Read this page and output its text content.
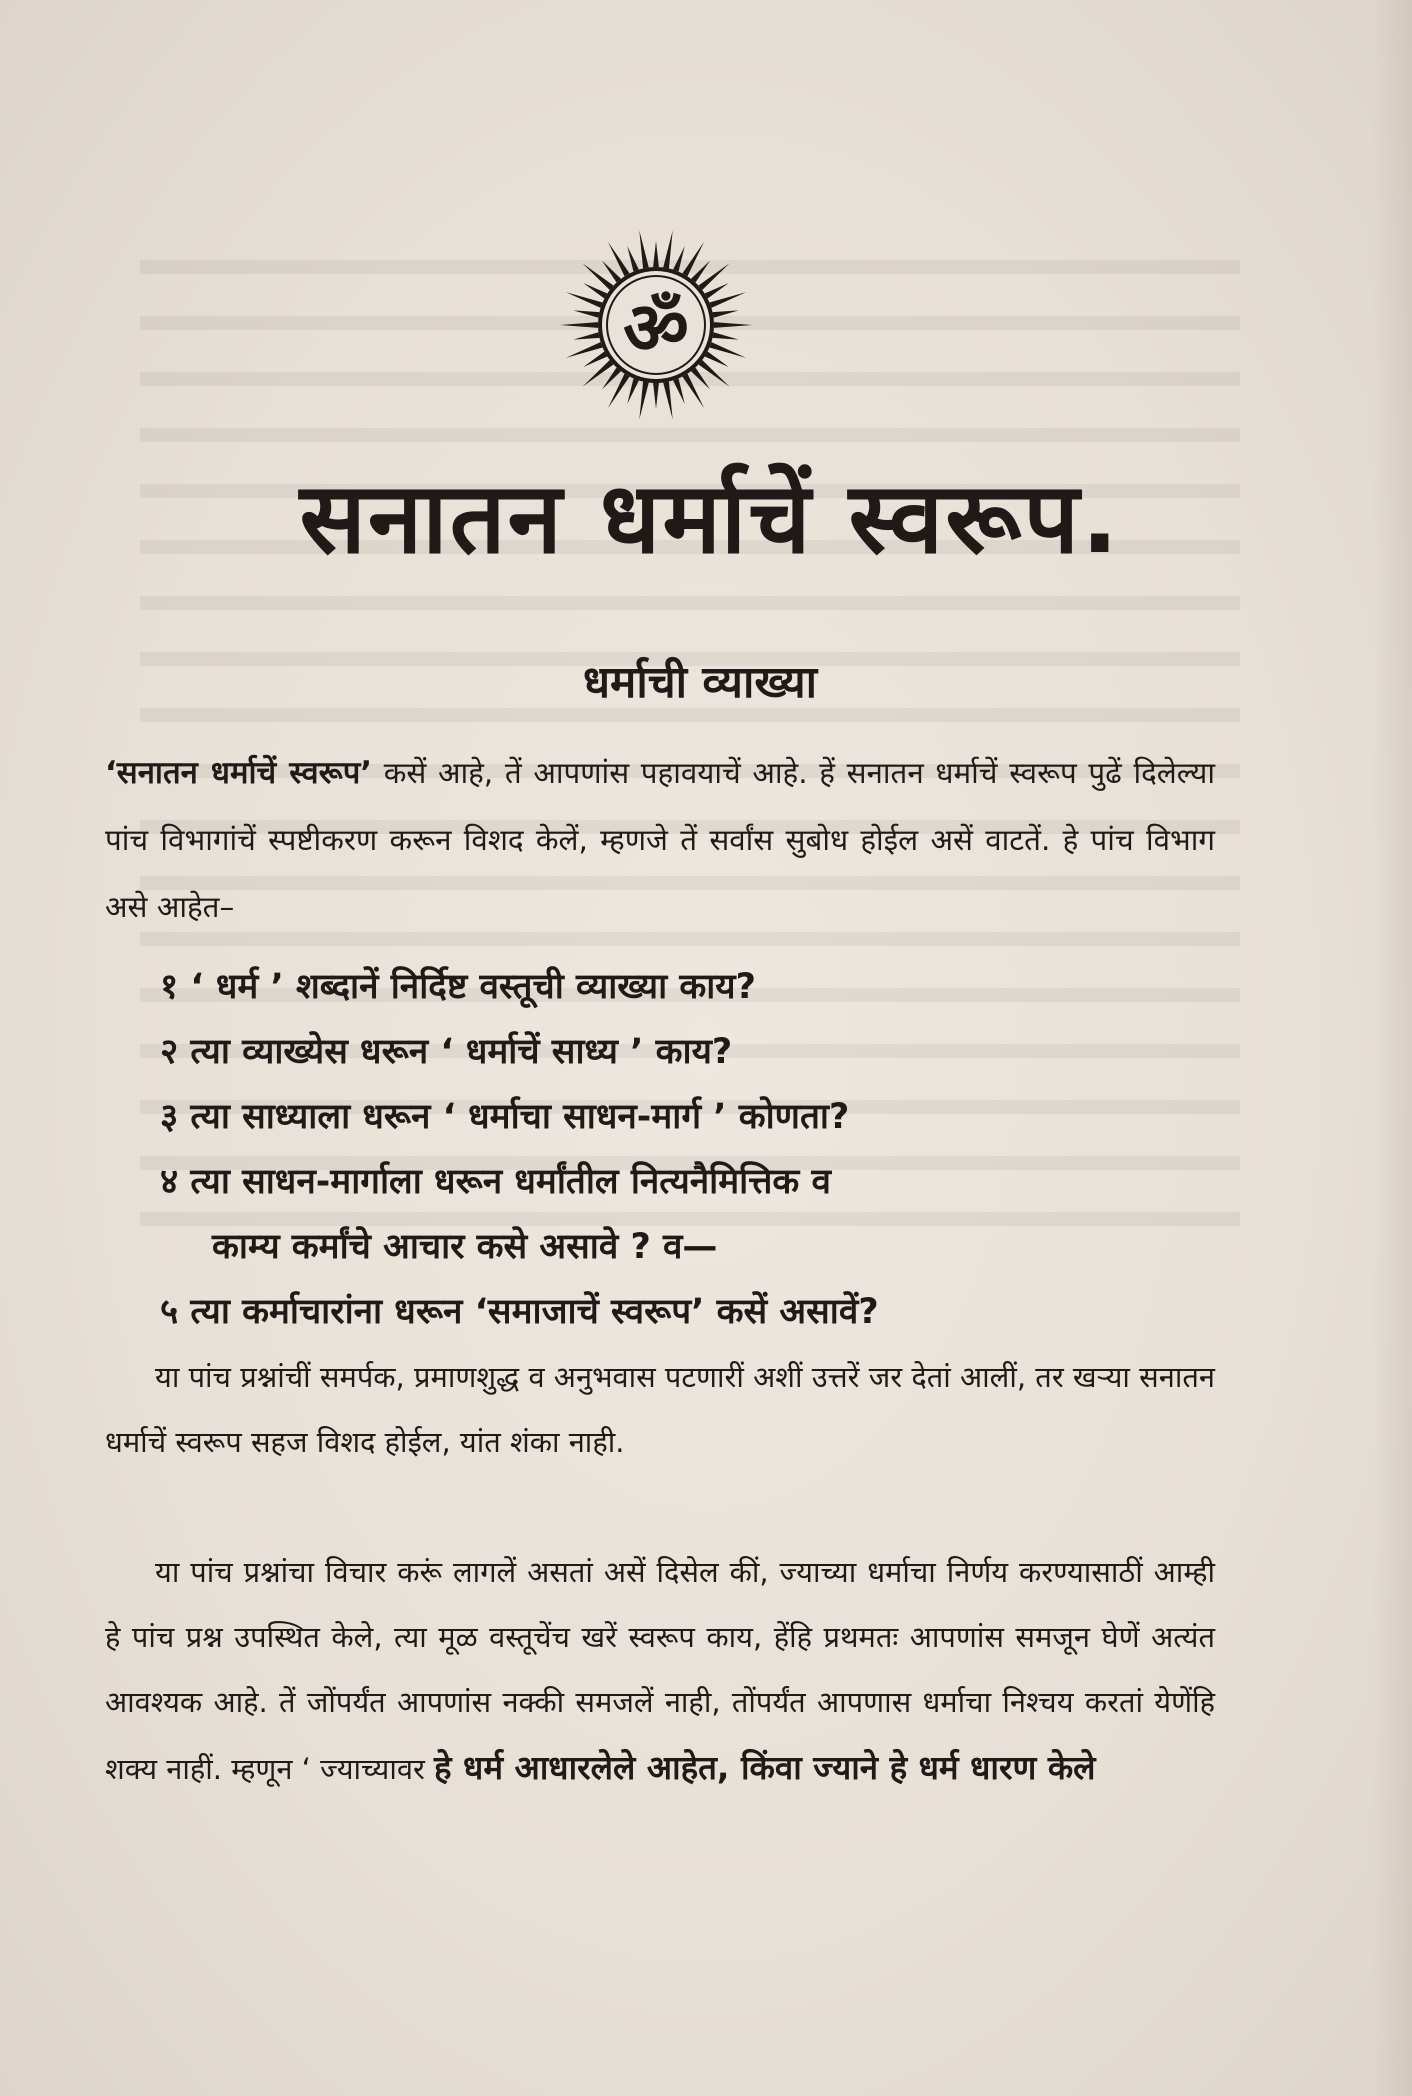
ॐ
सनातन धर्माचें स्वरूप.
धर्माची व्याख्या
‘सनातन धर्माचें स्वरूप’ कसें आहे, तें आपणांस पहावयाचें आहे. हें सनातन धर्माचें स्वरूप पुढें दिलेल्या पांच विभागांचें स्पष्टीकरण करून विशद केलें, म्हणजे तें सर्वांस सुबोध होईल असें वाटतें. हे पांच विभाग असे आहेत–
१ ‘ धर्म ’ शब्दानें निर्दिष्ट वस्तूची व्याख्या काय?
२ त्या व्याख्येस धरून ‘ धर्माचें साध्य ’ काय?
३ त्या साध्याला धरून ‘ धर्माचा साधन-मार्ग ’ कोणता?
४ त्या साधन-मार्गाला धरून धर्मांतील नित्यनैमित्तिक व
काम्य कर्मांचे आचार कसे असावे ? व—
५ त्या कर्माचारांना धरून ‘समाजाचें स्वरूप’ कसें असावें?
या पांच प्रश्नांचीं समर्पक, प्रमाणशुद्ध व अनुभवास पटणारीं अशीं उत्तरें जर देतां आलीं, तर खऱ्या सनातन धर्माचें स्वरूप सहज विशद होईल, यांत शंका नाही.
या पांच प्रश्नांचा विचार करूं लागलें असतां असें दिसेल कीं, ज्याच्या धर्माचा निर्णय करण्यासाठीं आम्ही हे पांच प्रश्न उपस्थित केले, त्या मूळ वस्तूचेंच खरें स्वरूप काय, हेंहि प्रथमतः आपणांस समजून घेणें अत्यंत आवश्यक आहे. तें जोंपर्यंत आपणांस नक्की समजलें नाही, तोंपर्यंत आपणास धर्माचा निश्चय करतां येणेंहि शक्य नाहीं. म्हणून ‘ ज्याच्यावर हे धर्म आधारलेले आहेत, किंवा ज्याने हे धर्म धारण केले
